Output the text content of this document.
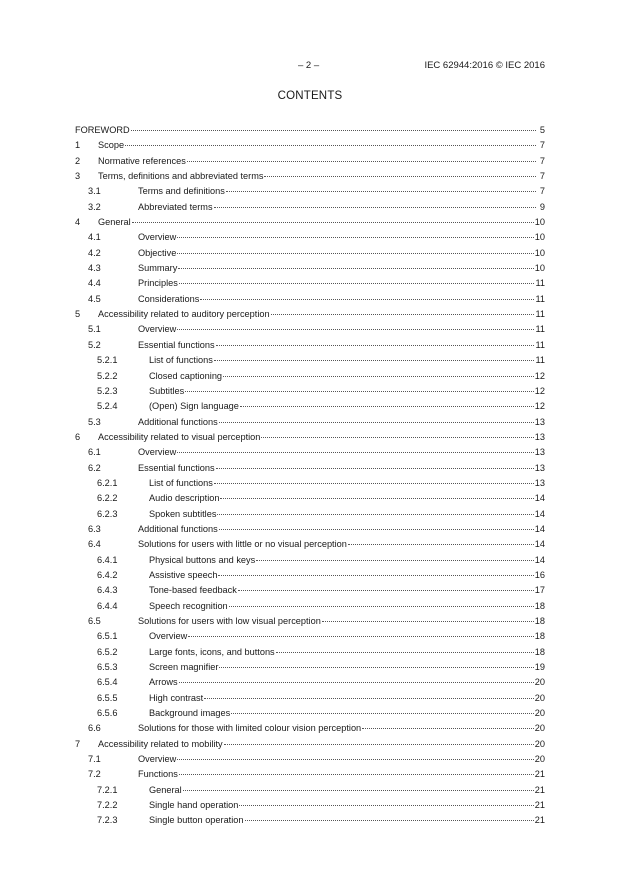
– 2 –	IEC 62944:2016 © IEC 2016
CONTENTS
FOREWORD	5
1	Scope	7
2	Normative references	7
3	Terms, definitions and abbreviated terms	7
3.1	Terms and definitions	7
3.2	Abbreviated terms	9
4	General	10
4.1	Overview	10
4.2	Objective	10
4.3	Summary	10
4.4	Principles	11
4.5	Considerations	11
5	Accessibility related to auditory perception	11
5.1	Overview	11
5.2	Essential functions	11
5.2.1	List of functions	11
5.2.2	Closed captioning	12
5.2.3	Subtitles	12
5.2.4	(Open) Sign language	12
5.3	Additional functions	13
6	Accessibility related to visual perception	13
6.1	Overview	13
6.2	Essential functions	13
6.2.1	List of functions	13
6.2.2	Audio description	14
6.2.3	Spoken subtitles	14
6.3	Additional functions	14
6.4	Solutions for users with little or no visual perception	14
6.4.1	Physical buttons and keys	14
6.4.2	Assistive speech	16
6.4.3	Tone-based feedback	17
6.4.4	Speech recognition	18
6.5	Solutions for users with low visual perception	18
6.5.1	Overview	18
6.5.2	Large fonts, icons, and buttons	18
6.5.3	Screen magnifier	19
6.5.4	Arrows	20
6.5.5	High contrast	20
6.5.6	Background images	20
6.6	Solutions for those with limited colour vision perception	20
7	Accessibility related to mobility	20
7.1	Overview	20
7.2	Functions	21
7.2.1	General	21
7.2.2	Single hand operation	21
7.2.3	Single button operation	21
